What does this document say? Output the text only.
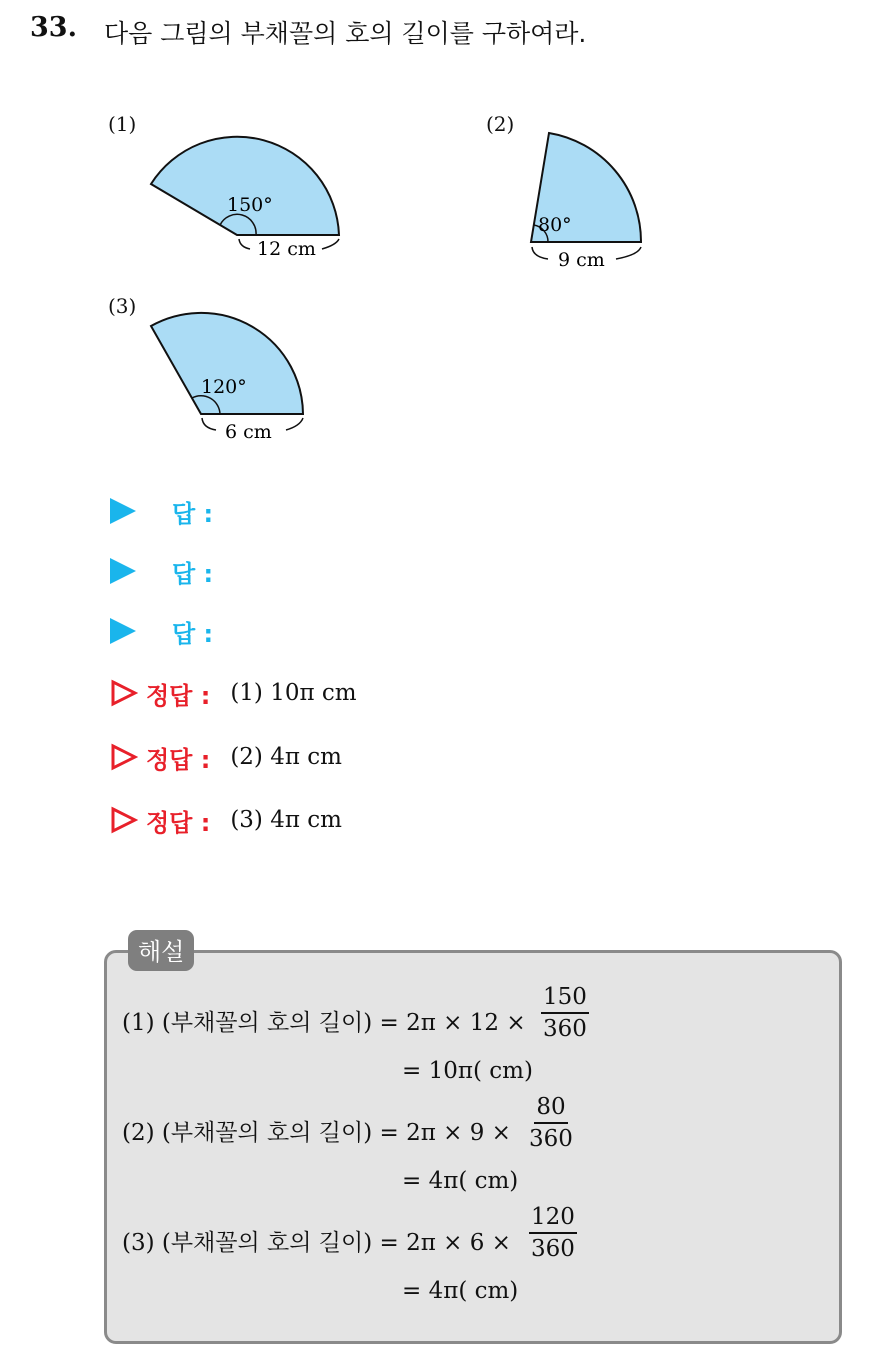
33. 다음 그림의 부채꼴의 호의 길이를 구하여라.
(1)	(2)
(3)
150°
12 cm
80°
9 cm
120°
6 cm
답 :
답 :
답 :
정답 : (1) 10π cm
정답 : (2) 4π cm
정답 : (3) 4π cm
해설
(1) (부채꼴의 호의 길이) = $2\pi \times 12 \times \frac{150}{360}$
= 10π( cm)
(2) (부채꼴의 호의 길이) = $2\pi \times 9 \times \frac{80}{360}$
= 4π( cm)
(3) (부채꼴의 호의 길이) = $2\pi \times 6 \times \frac{120}{360}$
= 4π( cm)
